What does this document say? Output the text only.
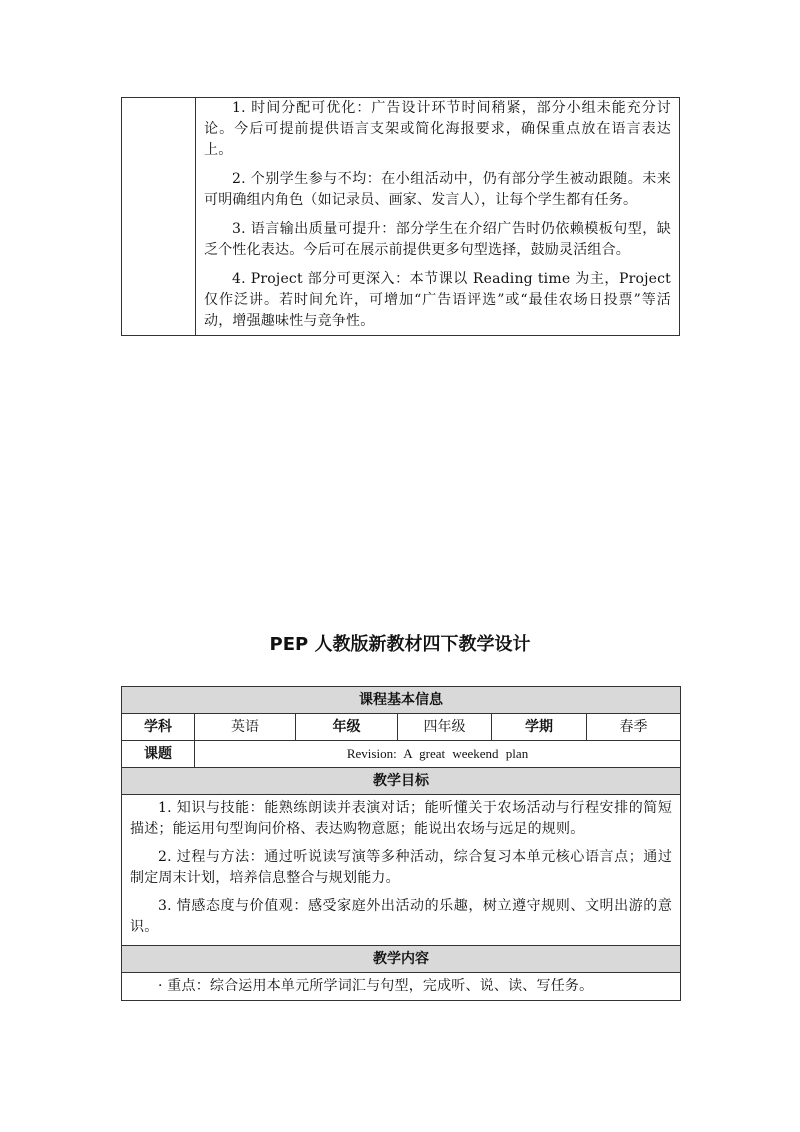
1. 时间分配可优化：广告设计环节时间稍紧，部分小组未能充分讨论。今后可提前提供语言支架或简化海报要求，确保重点放在语言表达上。

2. 个别学生参与不均：在小组活动中，仍有部分学生被动跟随。未来可明确组内角色（如记录员、画家、发言人），让每个学生都有任务。

3. 语言输出质量可提升：部分学生在介绍广告时仍依赖模板句型，缺乏个性化表达。今后可在展示前提供更多句型选择，鼓励灵活组合。

4. Project 部分可更深入：本节课以 Reading time 为主，Project 仅作泛讲。若时间允许，可增加“广告语评选”或“最佳农场日投票”等活动，增强趣味性与竞争性。

PEP 人教版新教材四下教学设计
课程基本信息					
学科	英语	年级	四年级	学期	春季
课题	Revision: A great weekend plan				
教学目标					

1. 知识与技能：能熟练朗读并表演对话；能听懂关于农场活动与行程安排的简短描述；能运用句型询问价格、表达购物意愿；能说出农场与远足的规则。

2. 过程与方法：通过听说读写演等多种活动，综合复习本单元核心语言点；通过制定周末计划，培养信息整合与规划能力。

3. 情感态度与价值观：感受家庭外出活动的乐趣，树立遵守规则、文明出游的意识。					

教学内容					

· 重点：综合运用本单元所学词汇与句型，完成听、说、读、写任务。					
